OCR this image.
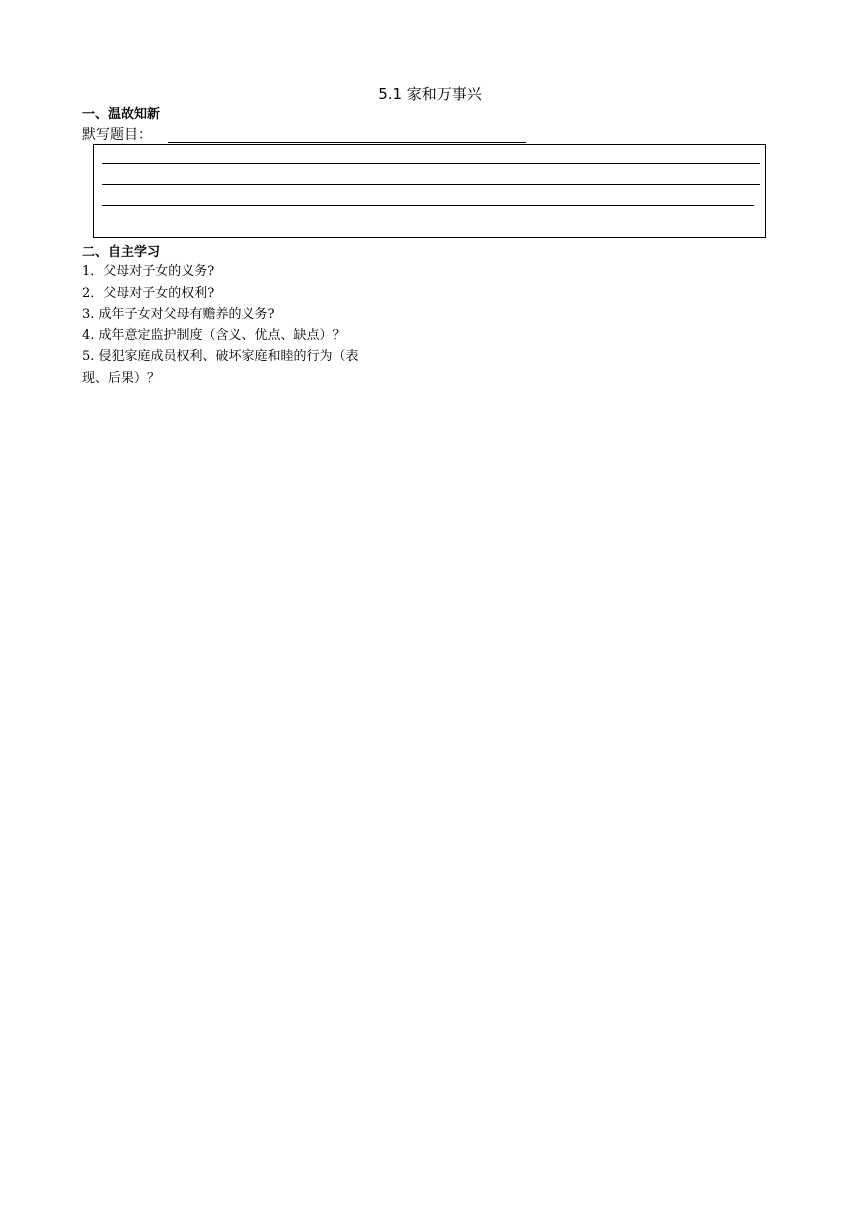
5.1 家和万事兴
一、温故知新
默写题目：
二、自主学习
1．父母对子女的义务?
2．父母对子女的权利?
3. 成年子女对父母有赡养的义务?
4. 成年意定监护制度（含义、优点、缺点）？
5. 侵犯家庭成员权利、破坏家庭和睦的行为（表
现、后果）？
